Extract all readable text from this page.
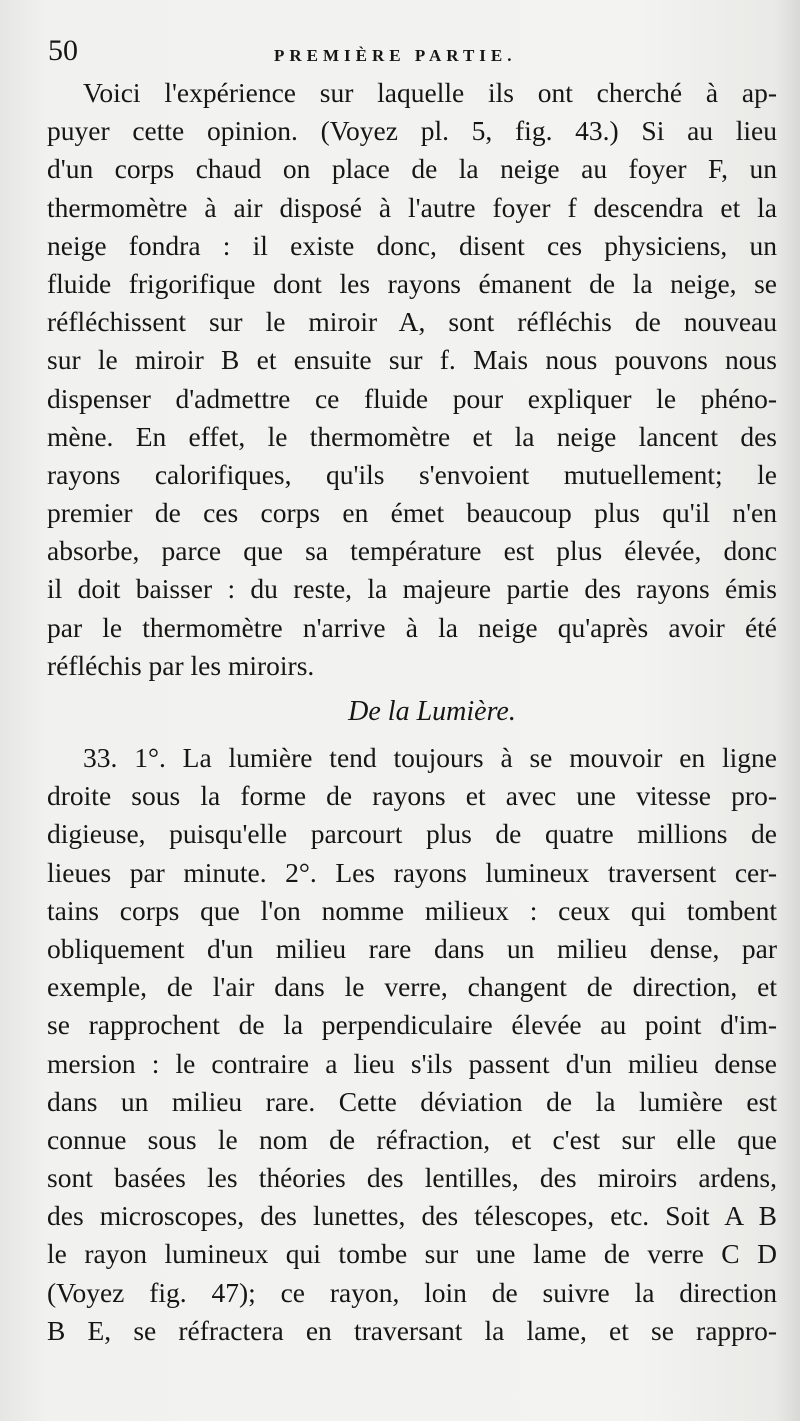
50	PREMIÈRE PARTIE.
Voici l'expérience sur laquelle ils ont cherché à ap-
puyer cette opinion. (Voyez pl. 5, fig. 43.) Si au lieu
d'un corps chaud on place de la neige au foyer F, un
thermomètre à air disposé à l'autre foyer f descendra et la
neige fondra : il existe donc, disent ces physiciens, un
fluide frigorifique dont les rayons émanent de la neige, se
réfléchissent sur le miroir A, sont réfléchis de nouveau
sur le miroir B et ensuite sur f. Mais nous pouvons nous
dispenser d'admettre ce fluide pour expliquer le phéno-
mène. En effet, le thermomètre et la neige lancent des
rayons calorifiques, qu'ils s'envoient mutuellement; le
premier de ces corps en émet beaucoup plus qu'il n'en
absorbe, parce que sa température est plus élevée, donc
il doit baisser : du reste, la majeure partie des rayons émis
par le thermomètre n'arrive à la neige qu'après avoir été
réfléchis par les miroirs.
De la Lumière.
33. 1°. La lumière tend toujours à se mouvoir en ligne
droite sous la forme de rayons et avec une vitesse pro-
digieuse, puisqu'elle parcourt plus de quatre millions de
lieues par minute. 2°. Les rayons lumineux traversent cer-
tains corps que l'on nomme milieux : ceux qui tombent
obliquement d'un milieu rare dans un milieu dense, par
exemple, de l'air dans le verre, changent de direction, et
se rapprochent de la perpendiculaire élevée au point d'im-
mersion : le contraire a lieu s'ils passent d'un milieu dense
dans un milieu rare. Cette déviation de la lumière est
connue sous le nom de réfraction, et c'est sur elle que
sont basées les théories des lentilles, des miroirs ardens,
des microscopes, des lunettes, des télescopes, etc. Soit A B
le rayon lumineux qui tombe sur une lame de verre C D
(Voyez fig. 47); ce rayon, loin de suivre la direction
B E, se réfractera en traversant la lame, et se rappro-
